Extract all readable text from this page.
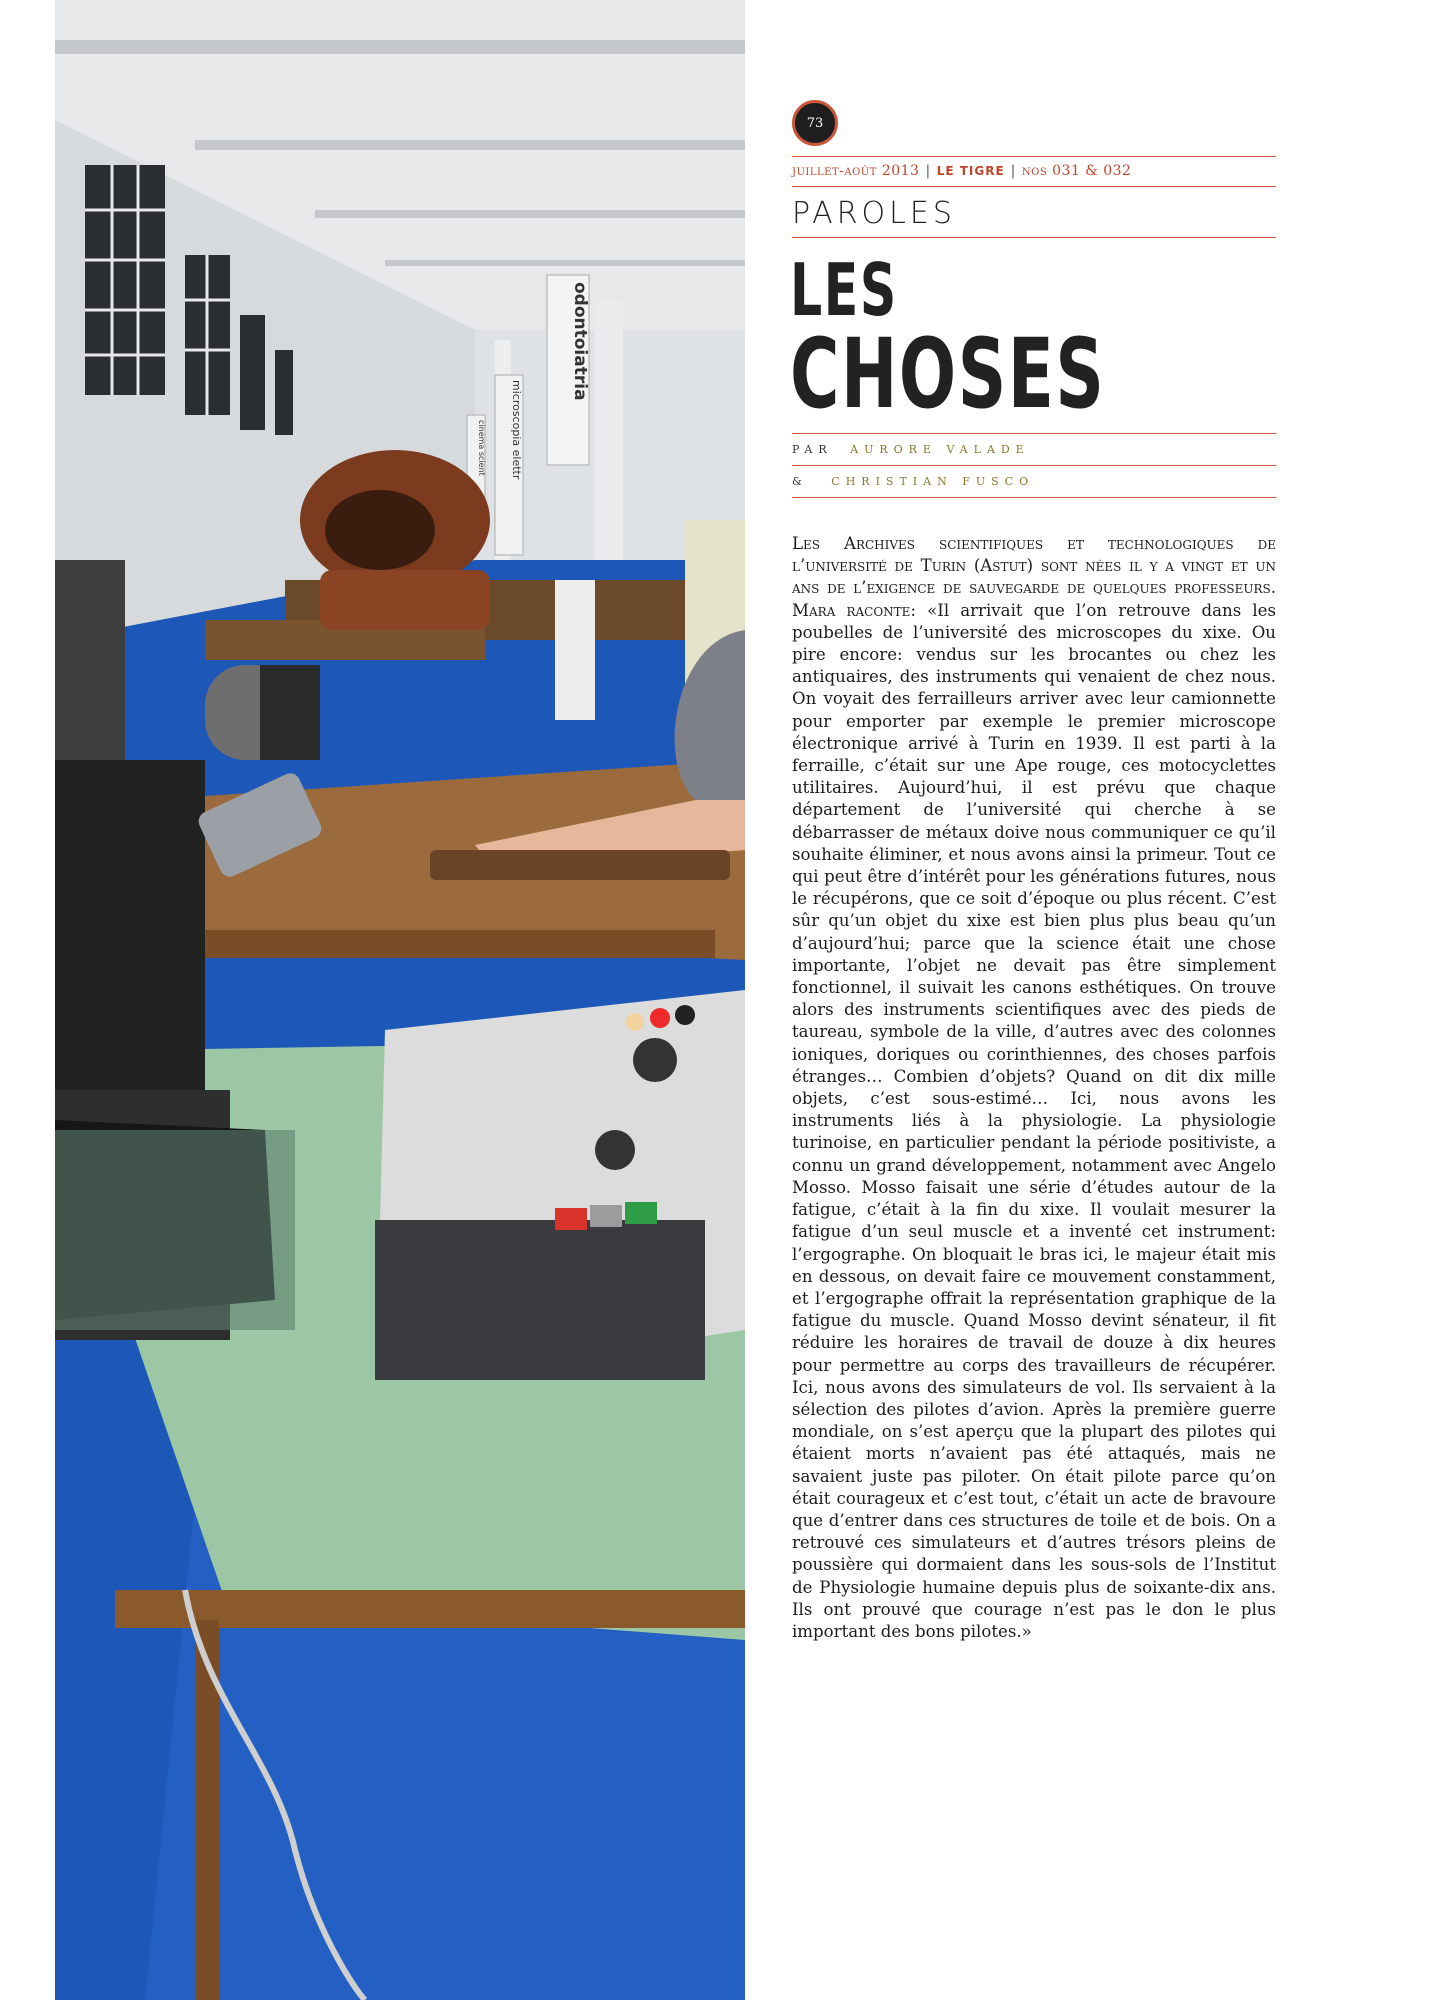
odontoiatria
microscopia elettr
cinema scient
73
juillet-août 2013 | LE TIGRE | nos 031 & 032
PAROLES
LES
CHOSES
PAR AURORE VALADE
& CHRISTIAN FUSCO
Les Archives scientifiques et technologiques de l’université de Turin (Astut) sont nées il y a vingt et un ans de l’exigence de sauvegarde de quelques professeurs. Mara raconte: «Il arrivait que l’on retrouve dans les poubelles de l’université des microscopes du xixe. Ou pire encore: vendus sur les brocantes ou chez les antiquaires, des instruments qui venaient de chez nous. On voyait des ferrailleurs arriver avec leur camionnette pour emporter par exemple le premier microscope électronique arrivé à Turin en 1939. Il est parti à la ferraille, c’était sur une Ape rouge, ces motocyclettes utilitaires. Aujourd’hui, il est prévu que chaque département de l’université qui cherche à se débarrasser de métaux doive nous communiquer ce qu’il souhaite éliminer, et nous avons ainsi la primeur. Tout ce qui peut être d’intérêt pour les générations futures, nous le récupérons, que ce soit d’époque ou plus récent. C’est sûr qu’un objet du xixe est bien plus plus beau qu’un d’aujourd’hui; parce que la science était une chose importante, l’objet ne devait pas être simplement fonctionnel, il suivait les canons esthétiques. On trouve alors des instruments scientifiques avec des pieds de taureau, symbole de la ville, d’autres avec des colonnes ioniques, doriques ou corinthiennes, des choses parfois étranges… Combien d’objets? Quand on dit dix mille objets, c’est sous-estimé… Ici, nous avons les instruments liés à la physiologie. La physiologie turinoise, en particulier pendant la période positiviste, a connu un grand développement, notamment avec Angelo Mosso. Mosso faisait une série d’études autour de la fatigue, c’était à la fin du xixe. Il voulait mesurer la fatigue d’un seul muscle et a inventé cet instrument: l’ergographe. On bloquait le bras ici, le majeur était mis en dessous, on devait faire ce mouvement constamment, et l’ergographe offrait la représentation graphique de la fatigue du muscle. Quand Mosso devint sénateur, il fit réduire les horaires de travail de douze à dix heures pour permettre au corps des travailleurs de récupérer. Ici, nous avons des simulateurs de vol. Ils servaient à la sélection des pilotes d’avion. Après la première guerre mondiale, on s’est aperçu que la plupart des pilotes qui étaient morts n’avaient pas été attaqués, mais ne savaient juste pas piloter. On était pilote parce qu’on était courageux et c’est tout, c’était un acte de bravoure que d’entrer dans ces structures de toile et de bois. On a retrouvé ces simulateurs et d’autres trésors pleins de poussière qui dormaient dans les sous-sols de l’Institut de Physiologie humaine depuis plus de soixante-dix ans. Ils ont prouvé que courage n’est pas le don le plus important des bons pilotes.»
